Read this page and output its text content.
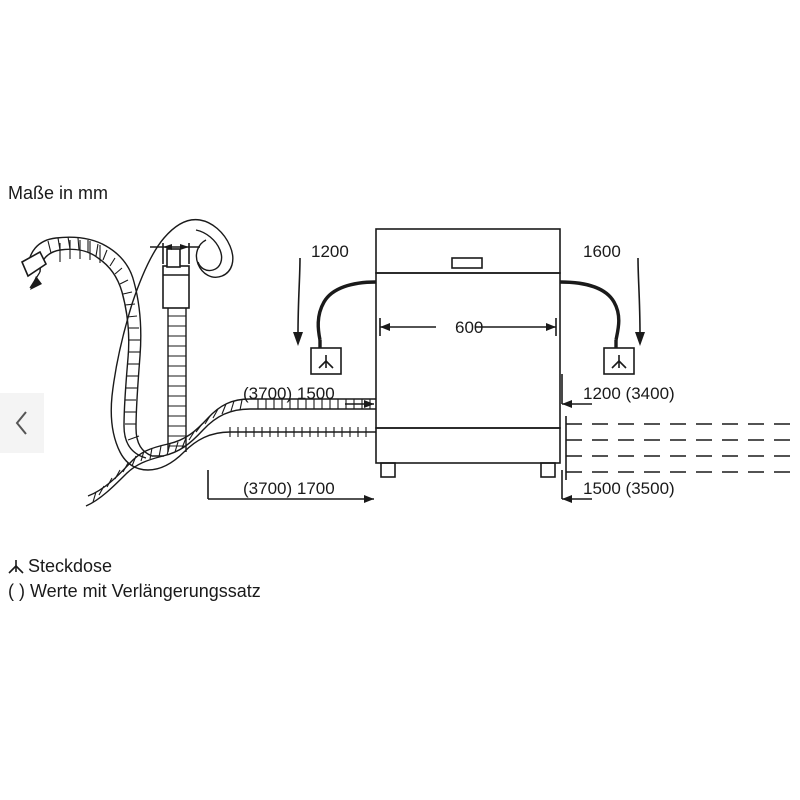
Maße in mm
1200	1600
600
(3700) 1500	1200 (3400)
(3700) 1700	1500 (3500)
Steckdose
( ) Werte mit Verlängerungssatz
